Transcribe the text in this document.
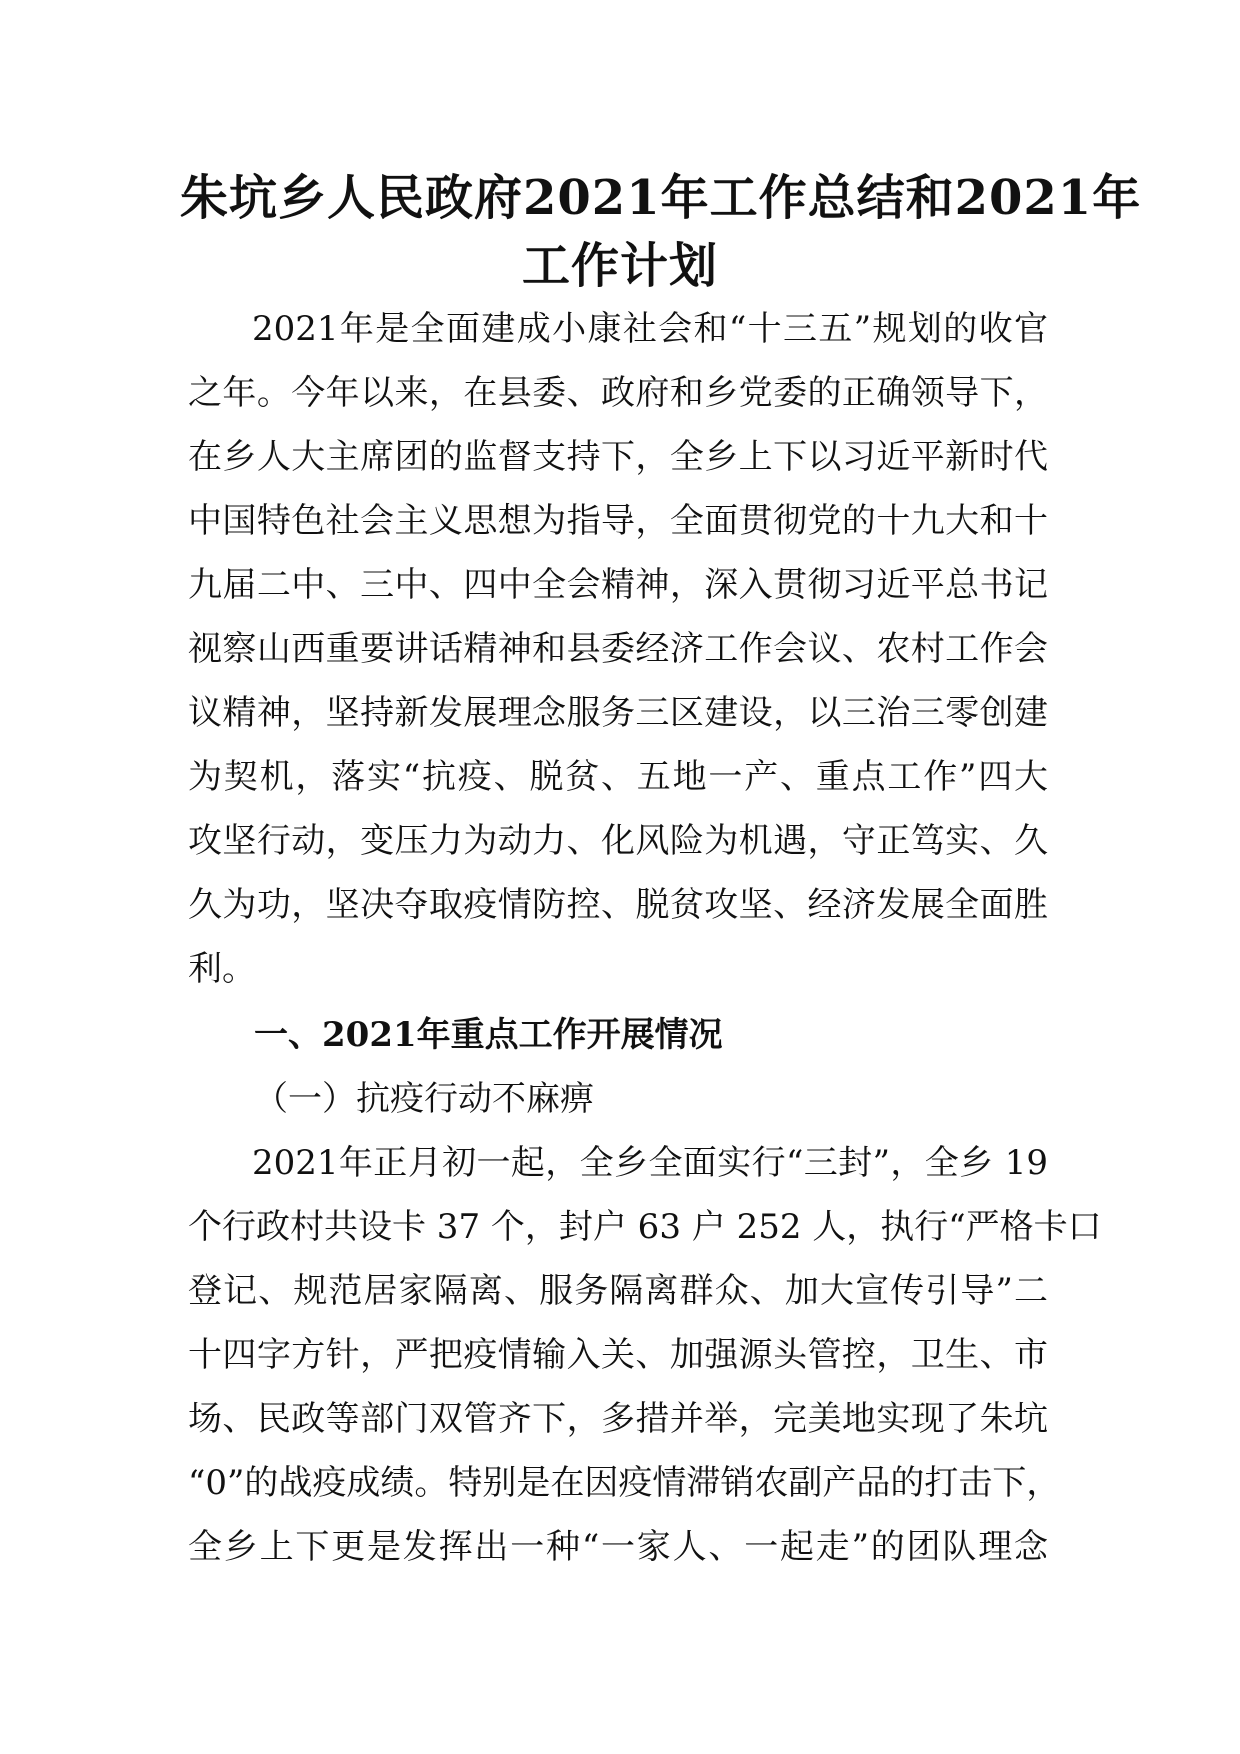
朱坑乡人民政府2021年工作总结和2021年
工作计划
2021年是全面建成小康社会和“十三五”规划的收官
之年。今年以来，在县委、政府和乡党委的正确领导下，
在乡人大主席团的监督支持下，全乡上下以习近平新时代
中国特色社会主义思想为指导，全面贯彻党的十九大和十
九届二中、三中、四中全会精神，深入贯彻习近平总书记
视察山西重要讲话精神和县委经济工作会议、农村工作会
议精神，坚持新发展理念服务三区建设，以三治三零创建
为契机，落实“抗疫、脱贫、五地一产、重点工作”四大
攻坚行动，变压力为动力、化风险为机遇，守正笃实、久
久为功，坚决夺取疫情防控、脱贫攻坚、经济发展全面胜
利。
一、2021年重点工作开展情况
（一）抗疫行动不麻痹
2021年正月初一起，全乡全面实行“三封”，全乡 19
个行政村共设卡 37 个，封户 63 户 252 人，执行“严格卡口
登记、规范居家隔离、服务隔离群众、加大宣传引导”二
十四字方针，严把疫情输入关、加强源头管控，卫生、市
场、民政等部门双管齐下，多措并举，完美地实现了朱坑
“0”的战疫成绩。特别是在因疫情滞销农副产品的打击下，
全乡上下更是发挥出一种“一家人、一起走”的团队理念
